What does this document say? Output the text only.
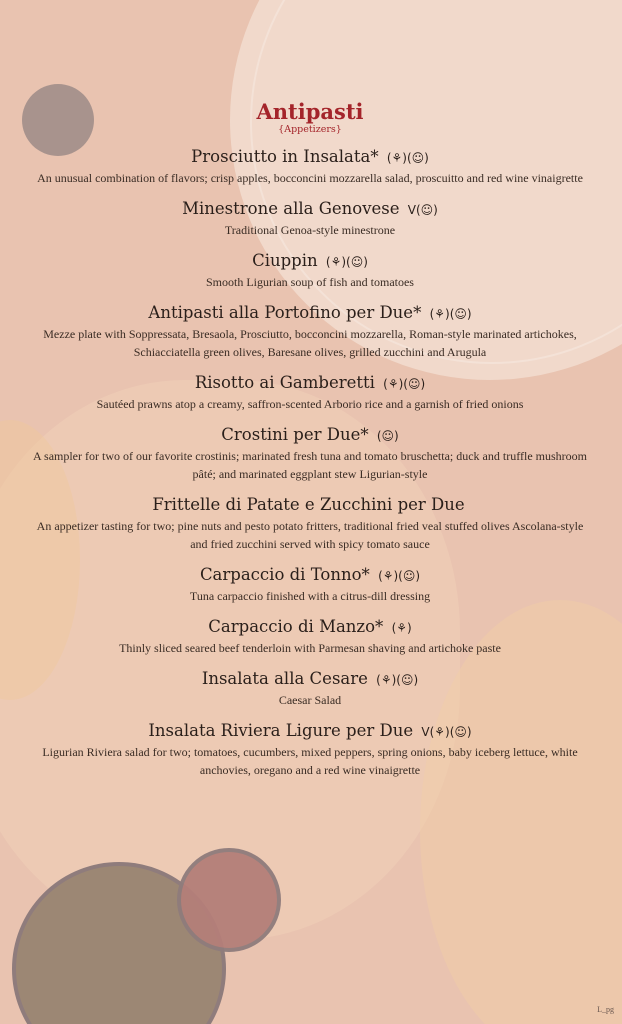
Antipasti
{Appetizers}
Prosciutto in Insalata* (⚘)(☺)
An unusual combination of flavors; crisp apples, bocconcini mozzarella salad, proscuitto and red wine vinaigrette
Minestrone alla Genovese V(☺)
Traditional Genoa-style minestrone
Ciuppin (⚘)(☺)
Smooth Ligurian soup of fish and tomatoes
Antipasti alla Portofino per Due* (⚘)(☺)
Mezze plate with Soppressata, Bresaola, Prosciutto, bocconcini mozzarella, Roman-style marinated artichokes, Schiacciatella green olives, Baresane olives, grilled zucchini and Arugula
Risotto ai Gamberetti (⚘)(☺)
Sautéed prawns atop a creamy, saffron-scented Arborio rice and a garnish of fried onions
Crostini per Due* (☺)
A sampler for two of our favorite crostinis; marinated fresh tuna and tomato bruschetta; duck and truffle mushroom pâté; and marinated eggplant stew Ligurian-style
Frittelle di Patate e Zucchini per Due
An appetizer tasting for two; pine nuts and pesto potato fritters, traditional fried veal stuffed olives Ascolana-style and fried zucchini served with spicy tomato sauce
Carpaccio di Tonno* (⚘)(☺)
Tuna carpaccio finished with a citrus-dill dressing
Carpaccio di Manzo* (⚘)
Thinly sliced seared beef tenderloin with Parmesan shaving and artichoke paste
Insalata alla Cesare (⚘)(☺)
Caesar Salad
Insalata Riviera Ligure per Due V(⚘)(☺)
Ligurian Riviera salad for two; tomatoes, cucumbers, mixed peppers, spring onions, baby iceberg lettuce, white anchovies, oregano and a red wine vinaigrette
L_pg
